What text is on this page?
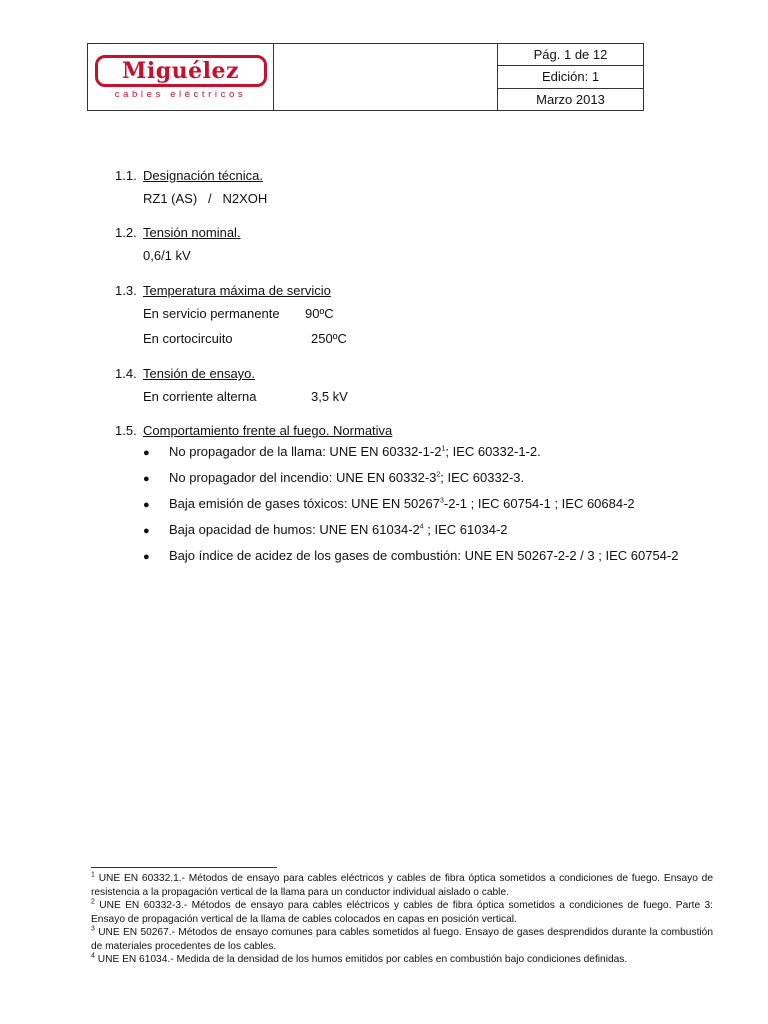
Miguélez
cables eléctricos
Pág. 1 de 12
Edición: 1
Marzo 2013
1.1. Designación técnica.
RZ1 (AS)   /   N2XOH
1.2. Tensión nominal.
0,6/1 kV
1.3. Temperatura máxima de servicio
En servicio permanente 90ºC
En cortocircuito	250ºC
1.4. Tensión de ensayo.
En corriente alterna	3,5 kV
1.5. Comportamiento frente al fuego. Normativa
●	No propagador de la llama: UNE EN $60332-1-2^1$; IEC 60332-1-2.
●	No propagador del incendio: UNE EN $60332-3^2$; IEC 60332-3.
●	Baja emisión de gases tóxicos: UNE EN 50267$^3$-2-1 ; IEC 60754-1 ; IEC 60684-2
●	Baja opacidad de humos: UNE EN $61034-2^4$ ; IEC 61034-2
●	Bajo índice de acidez de los gases de combustión: UNE EN 50267-2-2 / 3 ; IEC 60754-2

$^1$ UNE EN 60332.1.- Métodos de ensayo para cables eléctricos y cables de fibra óptica sometidos a condiciones de fuego. Ensayo de resistencia a la propagación vertical de la llama para un conductor individual aislado o cable.

$^2$ UNE EN 60332-3.- Métodos de ensayo para cables eléctricos y cables de fibra óptica sometidos a condiciones de fuego. Parte 3: Ensayo de propagación vertical de la llama de cables colocados en capas en posición vertical.

$^3$ UNE EN 50267.- Métodos de ensayo comunes para cables sometidos al fuego. Ensayo de gases desprendidos durante la combustión de materiales procedentes de los cables.

$^4$ UNE EN 61034.- Medida de la densidad de los humos emitidos por cables en combustión bajo condiciones definidas.
